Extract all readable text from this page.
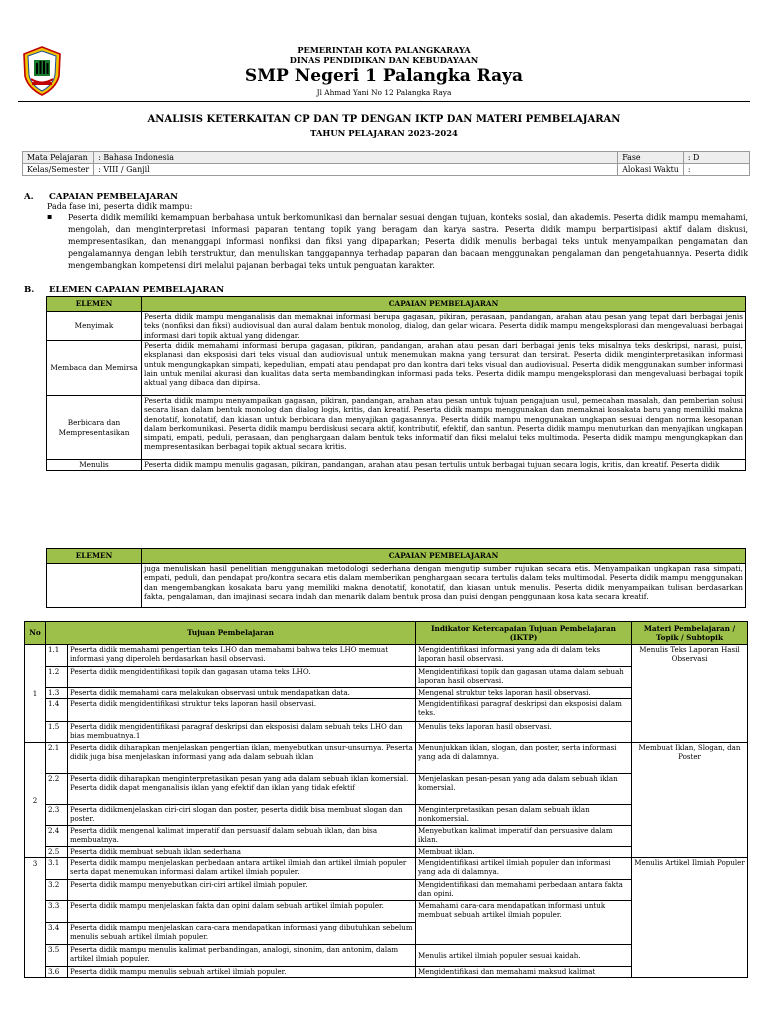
PEMERINTAH KOTA PALANGKARAYA
DINAS PENDIDIKAN DAN KEBUDAYAAN
SMP Negeri 1 Palangka Raya
Jl Ahmad Yani No 12 Palangka Raya
ANALISIS KETERKAITAN CP DAN TP DENGAN IKTP DAN MATERI PEMBELAJARAN
TAHUN PELAJARAN 2023-2024
Mata Pelajaran	: Bahasa Indonesia	Fase	: D
Kelas/Semester	: VIII / Ganjil	Alokasi Waktu	:
A. CAPAIAN PEMBELAJARAN
Pada fase ini, peserta didik mampu:
▪ Peserta didik memiliki kemampuan berbahasa untuk berkomunikasi dan bernalar sesuai dengan tujuan, konteks sosial, dan akademis. Peserta didik mampu memahami, mengolah, dan menginterpretasi informasi paparan tentang topik yang beragam dan karya sastra. Peserta didik mampu berpartisipasi aktif dalam diskusi, mempresentasikan, dan menanggapi informasi nonfiksi dan fiksi yang dipaparkan; Peserta didik menulis berbagai teks untuk menyampaikan pengamatan dan pengalamannya dengan lebih terstruktur, dan menuliskan tanggapannya terhadap paparan dan bacaan menggunakan pengalaman dan pengetahuannya. Peserta didik mengembangkan kompetensi diri melalui pajanan berbagai teks untuk penguatan karakter.
B. ELEMEN CAPAIAN PEMBELAJARAN
ELEMEN	CAPAIAN PEMBELAJARAN
Menyimak	Peserta didik mampu menganalisis dan memaknai informasi berupa gagasan, pikiran, perasaan, pandangan, arahan atau pesan yang tepat dari berbagai jenis teks (nonfiksi dan fiksi) audiovisual dan aural dalam bentuk monolog, dialog, dan gelar wicara. Peserta didik mampu mengeksplorasi dan mengevaluasi berbagai informasi dari topik aktual yang didengar.
Membaca dan Memirsa	Peserta didik memahami informasi berupa gagasan, pikiran, pandangan, arahan atau pesan dari berbagai jenis teks misalnya teks deskripsi, narasi, puisi, eksplanasi dan eksposisi dari teks visual dan audiovisual untuk menemukan makna yang tersurat dan tersirat. Peserta didik menginterpretasikan informasi untuk mengungkapkan simpati, kepedulian, empati atau pendapat pro dan kontra dari teks visual dan audiovisual. Peserta didik menggunakan sumber informasi lain untuk menilai akurasi dan kualitas data serta membandingkan informasi pada teks. Peserta didik mampu mengeksplorasi dan mengevaluasi berbagai topik aktual yang dibaca dan dipirsa.
Berbicara dan Mempresentasikan	Peserta didik mampu menyampaikan gagasan, pikiran, pandangan, arahan atau pesan untuk tujuan pengajuan usul, pemecahan masalah, dan pemberian solusi secara lisan dalam bentuk monolog dan dialog logis, kritis, dan kreatif. Peserta didik mampu menggunakan dan memaknai kosakata baru yang memiliki makna denotatif, konotatif, dan kiasan untuk berbicara dan menyajikan gagasannya. Peserta didik mampu menggunakan ungkapan sesuai dengan norma kesopanan dalam berkomunikasi. Peserta didik mampu berdiskusi secara aktif, kontributif, efektif, dan santun. Peserta didik mampu menuturkan dan menyajikan ungkapan simpati, empati, peduli, perasaan, dan penghargaan dalam bentuk teks informatif dan fiksi melalui teks multimoda. Peserta didik mampu mengungkapkan dan mempresentasikan berbagai topik aktual secara kritis.
Menulis	Peserta didik mampu menulis gagasan, pikiran, pandangan, arahan atau pesan tertulis untuk berbagai tujuan secara logis, kritis, dan kreatif. Peserta didik
ELEMEN	CAPAIAN PEMBELAJARAN
	juga menuliskan hasil penelitian menggunakan metodologi sederhana dengan mengutip sumber rujukan secara etis. Menyampaikan ungkapan rasa simpati, empati, peduli, dan pendapat pro/kontra secara etis dalam memberikan penghargaan secara tertulis dalam teks multimodal. Peserta didik mampu menggunakan dan mengembangkan kosakata baru yang memiliki makna denotatif, konotatif, dan kiasan untuk menulis. Peserta didik menyampaikan tulisan berdasarkan fakta, pengalaman, dan imajinasi secara indah dan menarik dalam bentuk prosa dan puisi dengan penggunaan kosa kata secara kreatif.
No	Tujuan Pembelajaran		Indikator Ketercapaian Tujuan Pembelajaran (IKTP)	Materi Pembelajaran / Topik / Subtopik
1	1.1	Peserta didik memahami pengertian teks LHO dan memahami bahwa teks LHO memuat informasi yang diperoleh berdasarkan hasil observasi.	Mengidentifikasi informasi yang ada di dalam teks laporan hasil observasi.	Menulis Teks Laporan Hasil Observasi
	1.2	Peserta didik mengidentifikasi topik dan gagasan utama teks LHO.	Mengidentifikasi topik dan gagasan utama dalam sebuah laporan hasil observasi.	
	1.3	Peserta didik memahami cara melakukan observasi untuk mendapatkan data.	Mengenal struktur teks laporan hasil observasi.	
	1.4	Peserta didik mengidentifikasi struktur teks laporan hasil observasi.	Mengidentifikasi paragraf deskripsi dan eksposisi dalam teks.	
	1.5	Peserta didik mengidentifikasi paragraf deskripsi dan eksposisi dalam sebuah teks LHO dan bias membuatnya.1	Menulis teks laporan hasil observasi.	
2	2.1	Peserta didik diharapkan menjelaskan pengertian iklan, menyebutkan unsur-unsurnya. Peserta didik juga bisa menjelaskan informasi yang ada dalam sebuah iklan	Menunjukkan iklan, slogan, dan poster, serta informasi yang ada di dalamnya.	Membuat Iklan, Slogan, dan Poster
	2.2	Peserta didik diharapkan menginterpretasikan pesan yang ada dalam sebuah iklan komersial. Peserta didik dapat menganalisis iklan yang efektif dan iklan yang tidak efektif	Menjelaskan pesan-pesan yang ada dalam sebuah iklan komersial.	
	2.3	Peserta didikmenjelaskan ciri-ciri slogan dan poster, peserta didik bisa membuat slogan dan poster.	Menginterpretasikan pesan dalam sebuah iklan nonkomersial.	
	2.4	Peserta didik mengenal kalimat imperatif dan persuasif dalam sebuah iklan, dan bisa membuatnya.	Menyebutkan kalimat imperatif dan persuasive dalam iklan.	
	2.5	Peserta didik membuat sebuah iklan sederhana	Membuat iklan.	
3	3.1	Peserta didik mampu menjelaskan perbedaan antara artikel ilmiah dan artikel ilmiah populer serta dapat menemukan informasi dalam artikel ilmiah populer.	Mengidentifikasi artikel ilmiah populer dan informasi yang ada di dalamnya.	Menulis Artikel Ilmiah Populer
	3.2	Peserta didik mampu menyebutkan ciri-ciri artikel ilmiah populer.	Mengidentifikasi dan memahami perbedaan antara fakta dan opini.	
	3.3	Peserta didik mampu menjelaskan fakta dan opini dalam sebuah artikel ilmiah populer.	Memahami cara-cara mendapatkan informasi untuk membuat sebuah artikel ilmiah populer.	
	3.4	Peserta didik mampu menjelaskan cara-cara mendapatkan informasi yang dibutuhkan sebelum menulis sebuah artikel ilmiah populer.		
	3.5	Peserta didik mampu menulis kalimat perbandingan, analogi, sinonim, dan antonim, dalam artikel ilmiah populer.	Menulis artikel ilmiah populer sesuai kaidah.	
	3.6	Peserta didik mampu menulis sebuah artikel ilmiah populer.	Mengidentifikasi dan memahami maksud kalimat	
